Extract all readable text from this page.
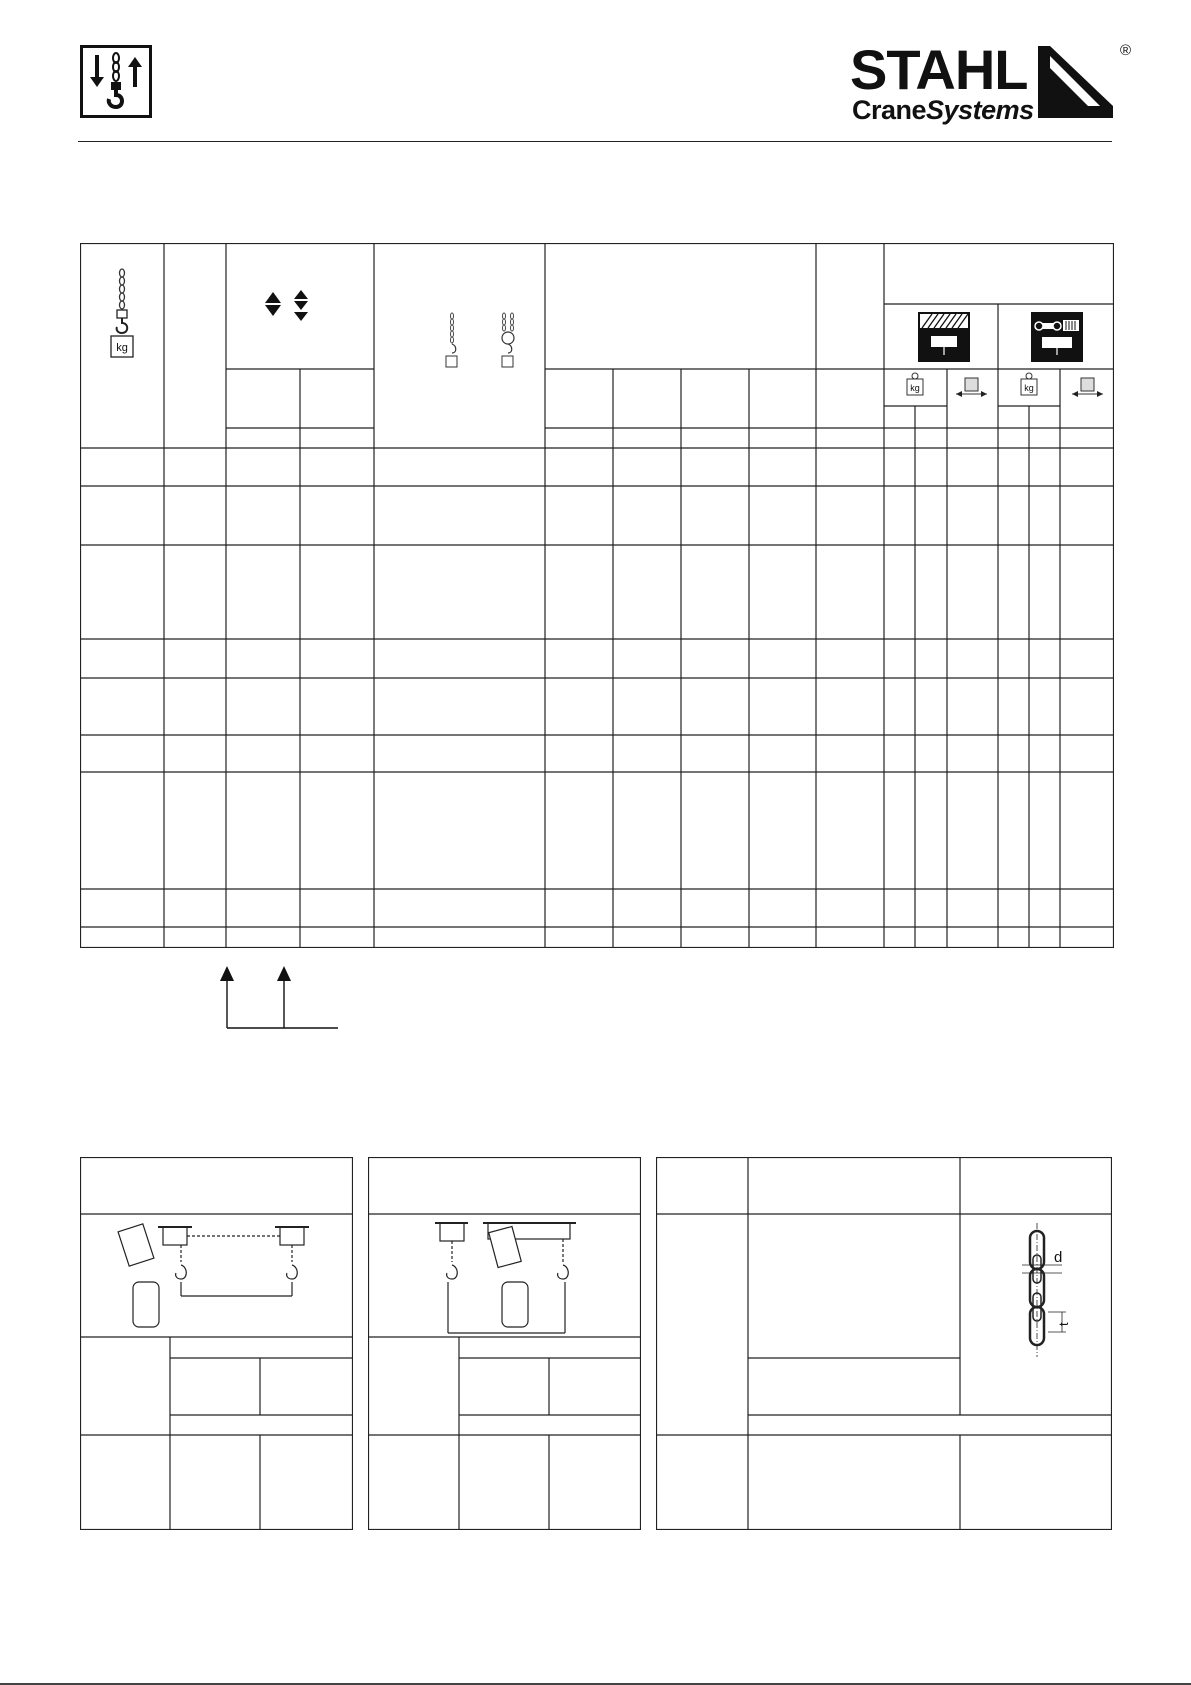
STAHL
CraneSystems
®
kg
kg	kg
d
t
